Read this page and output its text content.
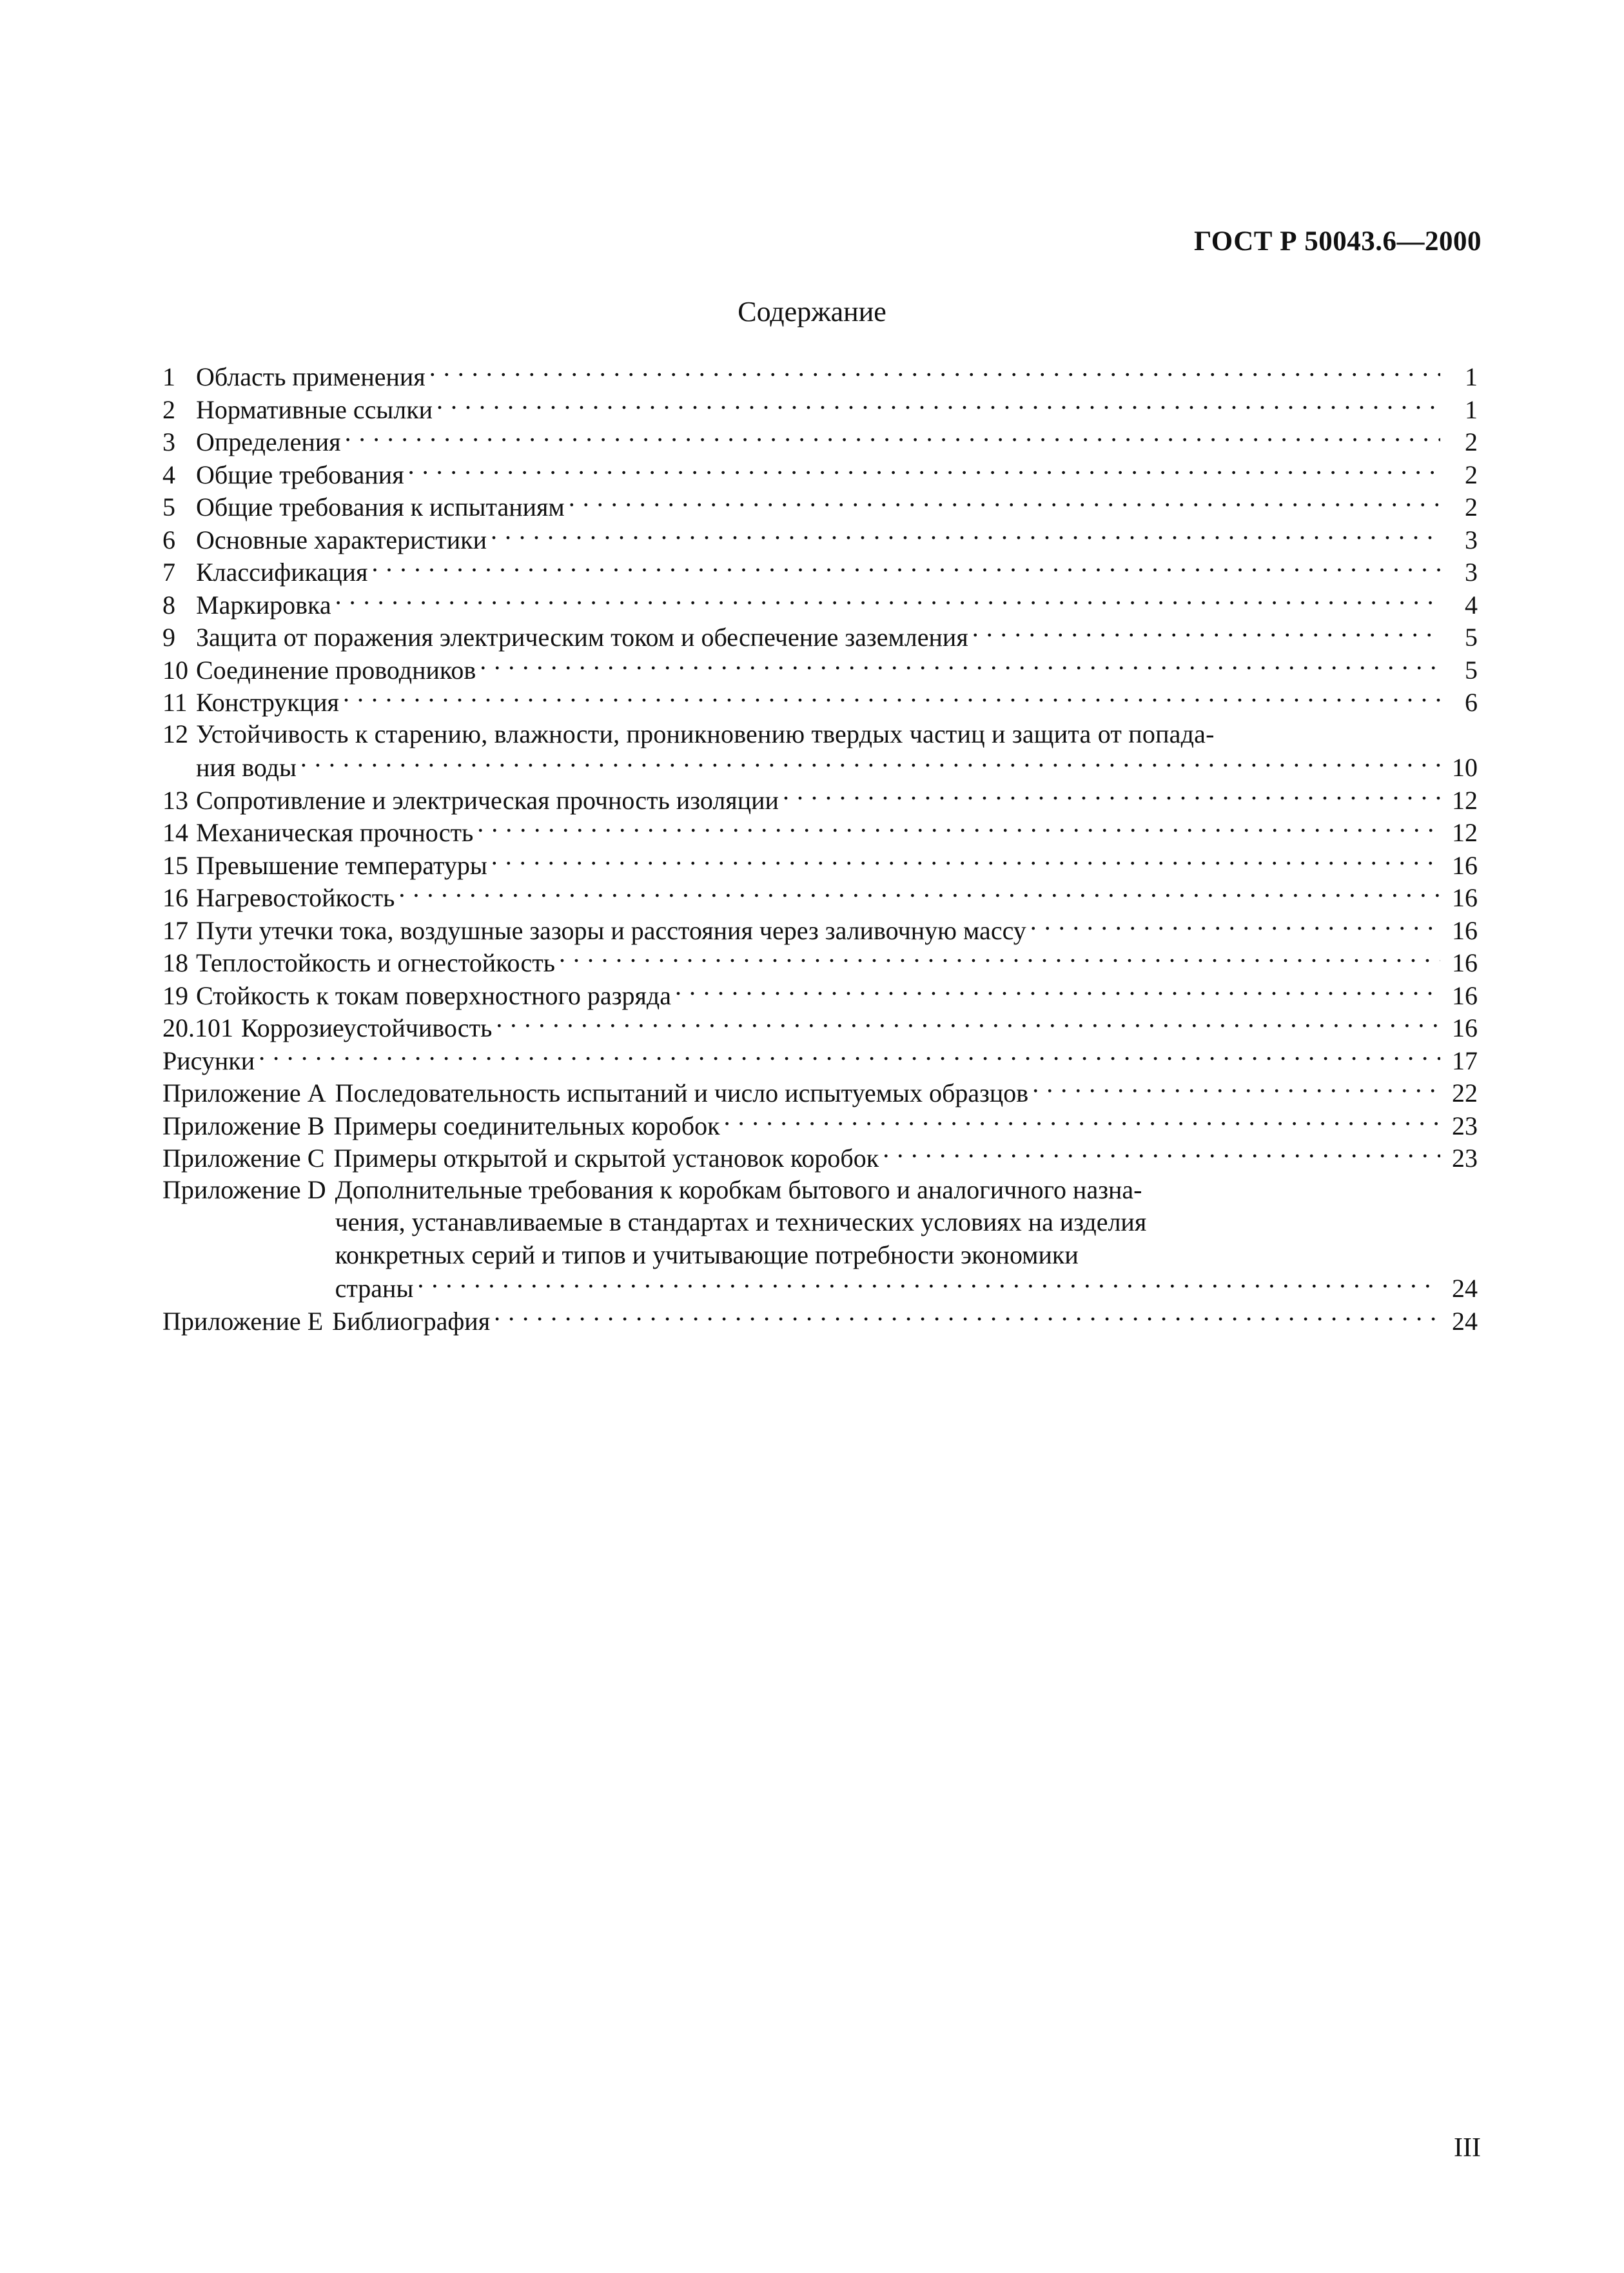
ГОСТ Р 50043.6—2000
Содержание
1 Область применения . . .	1
2 Нормативные ссылки . . .	1
3 Определения . . .	2
4 Общие требования . . .	2
5 Общие требования к испытаниям . . .	2
6 Основные характеристики . . .	3
7 Классификация . . .	3
8 Маркировка . . .	4
9 Защита от поражения электрическим током и обеспечение заземления . . .	5
10 Соединение проводников . . .	5
11 Конструкция . . .	6
12 Устойчивость к старению, влажности, проникновению твердых частиц и защита от попада-
ния воды . . .	10
13 Сопротивление и электрическая прочность изоляции . . .	12
14 Механическая прочность . . .	12
15 Превышение температуры . . .	16
16 Нагревостойкость . . .	16
17 Пути утечки тока, воздушные зазоры и расстояния через заливочную массу . . .	16
18 Теплостойкость и огнестойкость . . .	16
19 Стойкость к токам поверхностного разряда . . .	16
20.101 Коррозиеустойчивость . . .	16
Рисунки . . .	17
Приложение А Последовательность испытаний и число испытуемых образцов . . .	22
Приложение В Примеры соединительных коробок . . .	23
Приложение С Примеры открытой и скрытой установок коробок . . .	23
Приложение D Дополнительные требования к коробкам бытового и аналогичного назна-
чения, устанавливаемые в стандартах и технических условиях на изделия
конкретных серий и типов и учитывающие потребности экономики
страны . . .	24
Приложение Е Библиография . . .	24
III
